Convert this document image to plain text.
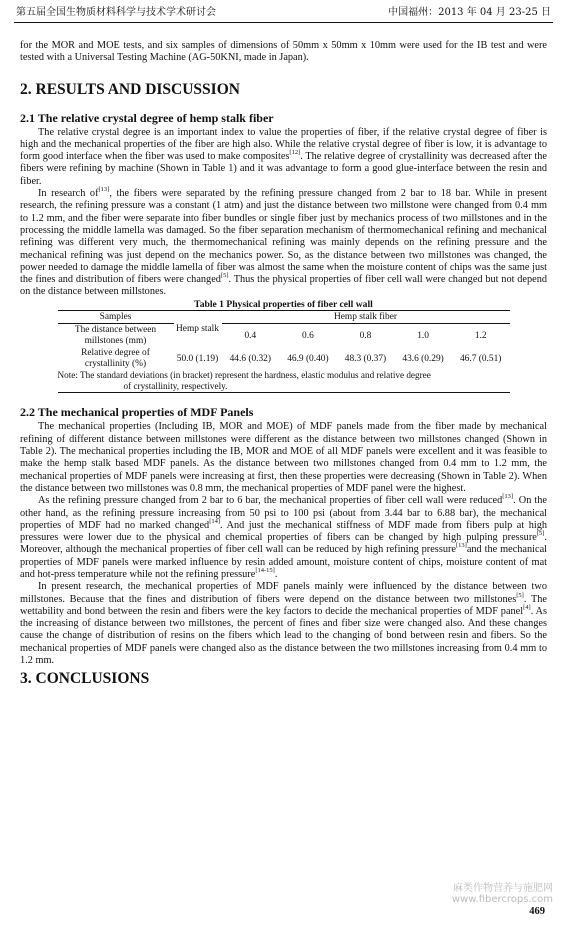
第五届全国生物质材料科学与技术学术研讨会	中国福州：2013 年 04 月 23-25 日

for the MOR and MOE tests, and six samples of dimensions of 50mm x 50mm x 10mm were used for the IB test and were tested with a Universal Testing Machine (AG-50KNI, made in Japan).

2. RESULTS AND DISCUSSION
2.1 The relative crystal degree of hemp stalk fiber

The relative crystal degree is an important index to value the properties of fiber, if the relative crystal degree of fiber is high and the mechanical properties of the fiber are high also. While the relative crystal degree of fiber is low, it is advantage to form good interface when the fiber was used to make composites[12]. The relative degree of crystallinity was decreased after the fibers were refining by machine (Shown in Table 1) and it was advantage to form a good glue-interface between the resin and fiber.

In research of[13], the fibers were separated by the refining pressure changed from 2 bar to 18 bar. While in present research, the refining pressure was a constant (1 atm) and just the distance between two millstone were changed from 0.4 mm to 1.2 mm, and the fiber were separate into fiber bundles or single fiber just by mechanics process of two millstones and in the processing the middle lamella was damaged. So the fiber separation mechanism of thermomechanical refining and mechanical refining was different very much, the thermomechanical refining was mainly depends on the refining pressure and the mechanical refining was just depend on the mechanics power. So, as the distance between two millstones was changed, the power needed to damage the middle lamella of fiber was almost the same when the moisture content of chips was the same just the fines and distribution of fibers were changed[5]. Thus the physical properties of fiber cell wall were changed but not depend on the distance between millstones.

Table 1 Physical properties of fiber cell wall
Samples	Hemp stalk	Hemp stalk fiber				
The distance between millstones (mm)		0.4	0.6	0.8	1.0	1.2
Relative degree of crystallinity (%)	50.0 (1.19)	44.6 (0.32)	46.9 (0.40)	48.3 (0.37)	43.6 (0.29)	46.7 (0.51)
Note: The standard deviations (in bracket) represent the hardness, elastic modulus and relative degree
of crystallinity, respectively.
2.2 The mechanical properties of MDF Panels

The mechanical properties (Including IB, MOR and MOE) of MDF panels made from the fiber made by mechanical refining of different distance between millstones were different as the distance between two millstones changed (Shown in Table 2). The mechanical properties including the IB, MOR and MOE of all MDF panels were excellent and it was feasible to make the hemp stalk based MDF panels. As the distance between two millstones changed from 0.4 mm to 1.2 mm, the mechanical properties of MDF panels were increasing at first, then these properties were decreasing (Shown in Table 2). When the distance between two millstones was 0.8 mm, the mechanical properties of MDF panel were the highest.

As the refining pressure changed from 2 bar to 6 bar, the mechanical properties of fiber cell wall were reduced[13]. On the other hand, as the refining pressure increasing from 50 psi to 100 psi (about from 3.44 bar to 6.88 bar), the mechanical properties of MDF had no marked changed[14]. And just the mechanical stiffness of MDF made from fibers pulp at high pressures were lower due to the physical and chemical properties of fibers can be changed by high pulping pressure[5]. Moreover, although the mechanical properties of fiber cell wall can be reduced by high refining pressure[13]and the mechanical properties of MDF panels were marked influence by resin added amount, moisture content of chips, moisture content of mat and hot-press temperature while not the refining pressure[14-15].

In present research, the mechanical properties of MDF panels mainly were influenced by the distance between two millstones. Because that the fines and distribution of fibers were depend on the distance between two millstones[5]. The wettability and bond between the resin and fibers were the key factors to decide the mechanical properties of MDF panel[4]. As the increasing of distance between two millstones, the percent of fines and fiber size were changed also. And these changes cause the change of distribution of resins on the fibers which lead to the changing of bond between resin and fibers. So the mechanical properties of MDF panels were changed also as the distance between the two millstones increasing from 0.4 mm to 1.2 mm.

3. CONCLUSIONS
麻类作物营养与施肥网
www.fibercrops.com
469
